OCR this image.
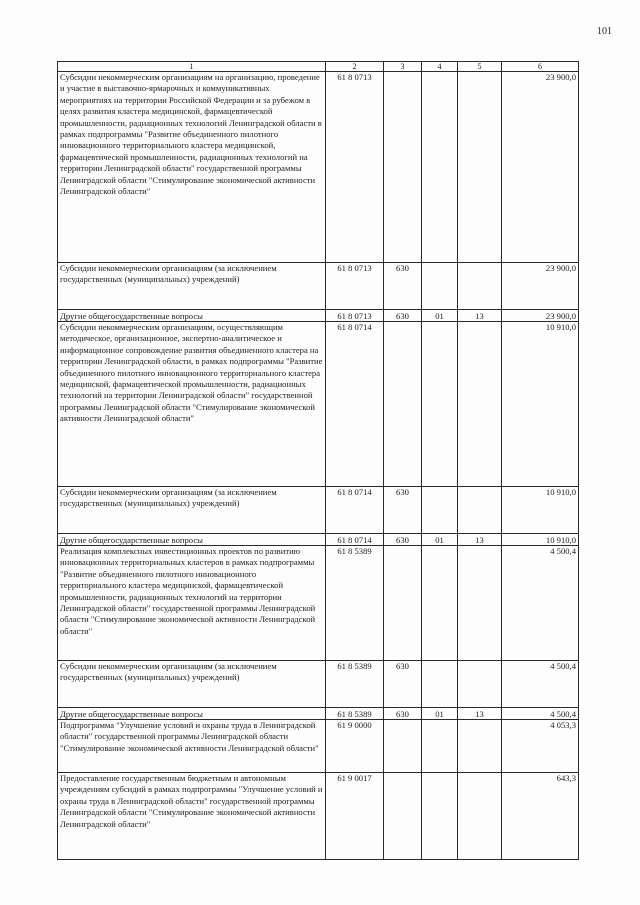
101
1	2	3	4	5	6
Субсидии некоммерческим организациям на организацию, проведение и участие в выставочно-ярмарочных и коммуникативных мероприятиях на территории Российской Федерации и за рубежом в целях развития кластера медицинской, фармацевтической промышленности, радиационных технологий Ленинградской области в рамках подпрограммы "Развитие объединенного пилотного инновационного территориального кластера медицинской, фармацевтической промышленности, радиационных технологий на территории Ленинградской области" государственной программы Ленинградской области "Стимулирование экономической активности Ленинградской области"	61 8 0713				23 900,0
Субсидии некоммерческим организациям (за исключением государственных (муниципальных) учреждений)	61 8 0713	630			23 900,0
Другие общегосударственные вопросы	61 8 0713	630	01	13	23 900,0
Субсидии некоммерческим организациям, осуществляющим методическое, организационное, экспертно-аналитическое и информационное сопровождение развития объединенного кластера на территории Ленинградской области, в рамках подпрограммы "Развитие объединенного пилотного инновационного территориального кластера медицинской, фармацевтической промышленности, радиационных технологий на территории Ленинградской области" государственной программы Ленинградской области "Стимулирование экономической активности Ленинградской области"	61 8 0714				10 910,0
Субсидии некоммерческим организациям (за исключением государственных (муниципальных) учреждений)	61 8 0714	630			10 910,0
Другие общегосударственные вопросы	61 8 0714	630	01	13	10 910,0
Реализация комплексных инвестиционных проектов по развитию инновационных территориальных кластеров в рамках подпрограммы "Развитие объединенного пилотного инновационного территориального кластера медицинской, фармацевтической промышленности, радиационных технологий на территории Ленинградской области" государственной программы Ленинградской области "Стимулирование экономической активности Ленинградской области"	61 8 5389				4 500,4
Субсидии некоммерческим организациям (за исключением государственных (муниципальных) учреждений)	61 8 5389	630			4 500,4
Другие общегосударственные вопросы	61 8 5389	630	01	13	4 500,4
Подпрограмма "Улучшение условий и охраны труда в Ленинградской области" государственной программы Ленинградской области "Стимулирование экономической активности Ленинградской области"	61 9 0000				4 053,3
Предоставление государственным бюджетным и автономным учреждениям субсидий в рамках подпрограммы "Улучшение условий и охраны труда в Ленинградской области" государственной программы Ленинградской области "Стимулирование экономической активности Ленинградской области"	61 9 0017				643,3
